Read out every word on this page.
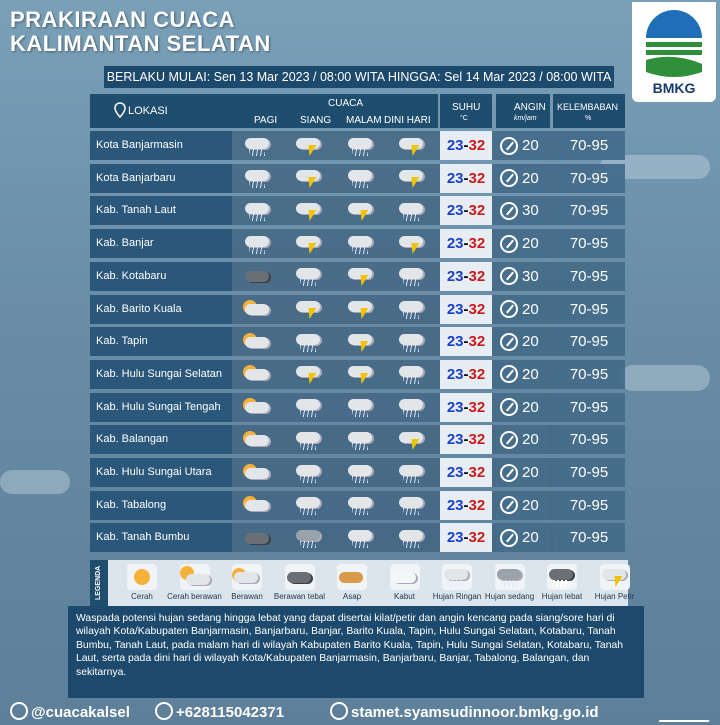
PRAKIRAAN CUACA
KALIMANTAN SELATAN
BMKG
BERLAKU MULAI: Sen 13 Mar 2023 / 08:00 WITA HINGGA: Sel 14 Mar 2023 / 08:00 WITA
LOKASI
CUACA
PAGI SIANG MALAM DINI HARI
SUHU
°C
ANGIN
km/jam
KELEMBABAN
%
Kota Banjarmasin	23-32	20	70-95
Kota Banjarbaru	23-32	20	70-95
Kab. Tanah Laut	23-32	30	70-95
Kab. Banjar	23-32	20	70-95
Kab. Kotabaru	23-32	30	70-95
Kab. Barito Kuala	23-32	20	70-95
Kab. Tapin	23-32	20	70-95
Kab. Hulu Sungai Selatan	23-32	20	70-95
Kab. Hulu Sungai Tengah	23-32	20	70-95
Kab. Balangan	23-32	20	70-95
Kab. Hulu Sungai Utara	23-32	20	70-95
Kab. Tabalong	23-32	20	70-95
Kab. Tanah Bumbu	23-32	20	70-95
LEGENDA	Cerah	Cerah berawan	Berawan	Berawan tebal	Asap	Kabut	Hujan Ringan Hujan sedang Hujan lebat	Hujan Petir
Waspada potensi hujan sedang hingga lebat yang dapat disertai kilat/petir dan angin kencang pada siang/sore hari di wilayah Kota/Kabupaten Banjarmasin, Banjarbaru, Banjar, Barito Kuala, Tapin, Hulu Sungai Selatan, Kotabaru, Tanah Bumbu, Tanah Laut, pada malam hari di wilayah Kabupaten Barito Kuala, Tapin, Hulu Sungai Selatan, Kotabaru, Tanah Laut, serta pada dini hari di wilayah Kota/Kabupaten Banjarmasin, Banjarbaru, Banjar, Tabalong, Balangan, dan sekitarnya.
@cuacakalsel	+628115042371	stamet.syamsudinnoor.bmkg.go.id
